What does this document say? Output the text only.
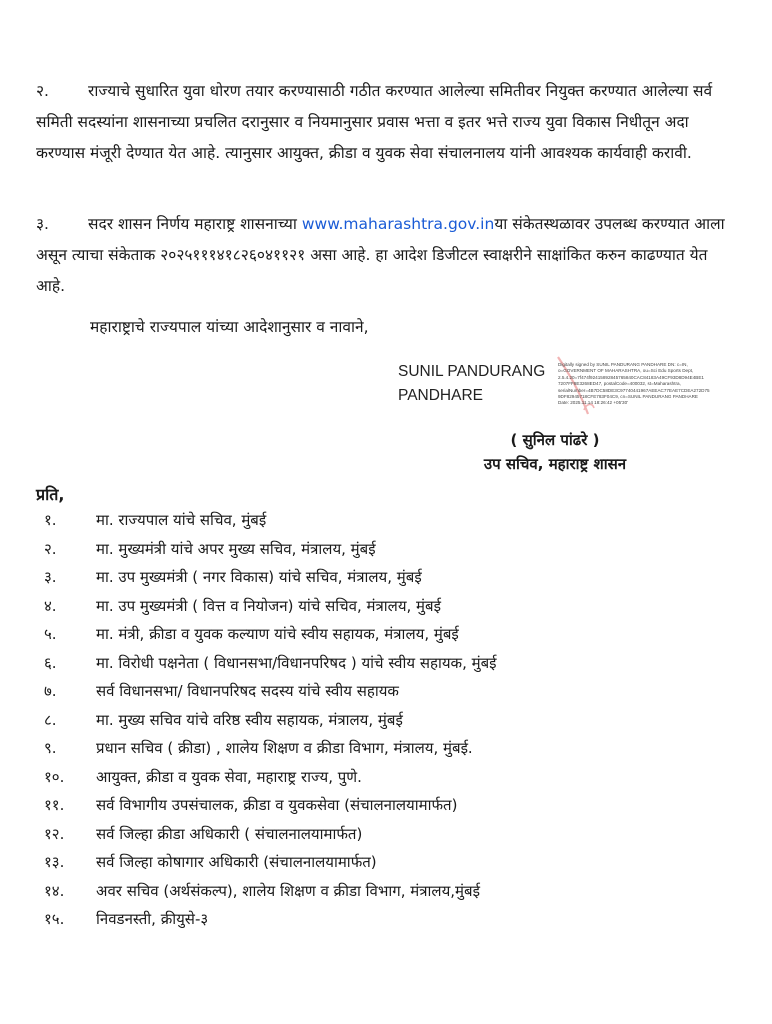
२.	राज्याचे सुधारित युवा धोरण तयार करण्यासाठी गठीत करण्यात आलेल्या समितीवर नियुक्त करण्यात आलेल्या सर्व समिती सदस्यांना शासनाच्या प्रचलित दरानुसार व नियमानुसार प्रवास भत्ता व इतर भत्ते राज्य युवा विकास निधीतून अदा करण्यास मंजूरी देण्यात येत आहे. त्यानुसार आयुक्त, क्रीडा व युवक सेवा संचालनालय यांनी आवश्यक कार्यवाही करावी.

३.	सदर शासन निर्णय महाराष्ट्र शासनाच्या www.maharashtra.gov.inया संकेतस्थळावर उपलब्ध करण्यात आला असून त्याचा संकेताक २०२५१११४१८२६०४११२१ असा आहे. हा आदेश डिजीटल स्वाक्षरीने साक्षांकित करुन काढण्यात येत आहे.

महाराष्ट्राचे राज्यपाल यांच्या आदेशानुसार व नावाने,
SUNIL PANDURANG
PANDHARE
Digitally signed by SUNIL PANDURANG PANDHARE DN: c=IN, o=GOVERNMENT OF MAHARASHTRA, ou=Sci Edu Sports Dept, 2.5.4.20=7f474f92415892845765840CAC84183A49CF93D8D94E4BE1 7207FF8E3268ED47, postalCode=400032, st=Maharashtra, serialNumber=4B7DC58DE3C97740441967AEEAC77EAE7CDEA272D75 9DF82945718CFE783F04C9, cn=SUNIL PANDURANG PANDHARE Date: 2025.11.14 18:26:42 +05'30'
( सुनिल पांढरे )
उप सचिव, महाराष्ट्र शासन
प्रति,
१.	मा. राज्यपाल यांचे सचिव, मुंबई
२.	मा. मुख्यमंत्री यांचे अपर मुख्य सचिव, मंत्रालय, मुंबई
३.	मा. उप मुख्यमंत्री ( नगर विकास) यांचे सचिव, मंत्रालय, मुंबई
४.	मा. उप मुख्यमंत्री ( वित्त व नियोजन) यांचे सचिव, मंत्रालय, मुंबई
५.	मा. मंत्री, क्रीडा व युवक कल्याण यांचे स्वीय सहायक, मंत्रालय, मुंबई
६.	मा. विरोधी पक्षनेता ( विधानसभा/विधानपरिषद ) यांचे स्वीय सहायक, मुंबई
७.	सर्व विधानसभा/ विधानपरिषद सदस्य यांचे स्वीय सहायक
८.	मा. मुख्य सचिव यांचे वरिष्ठ स्वीय सहायक, मंत्रालय, मुंबई
९.	प्रधान सचिव ( क्रीडा) , शालेय शिक्षण व क्रीडा विभाग, मंत्रालय, मुंबई.
१०. आयुक्त, क्रीडा व युवक सेवा, महाराष्ट्र राज्य, पुणे.
११. सर्व विभागीय उपसंचालक, क्रीडा व युवकसेवा (संचालनालयामार्फत)
१२. सर्व जिल्हा क्रीडा अधिकारी ( संचालनालयामार्फत)
१३. सर्व जिल्हा कोषागार अधिकारी (संचालनालयामार्फत)
१४. अवर सचिव (अर्थसंकल्प), शालेय शिक्षण व क्रीडा विभाग, मंत्रालय,मुंबई
१५. निवडनस्ती, क्रीयुसे-३
